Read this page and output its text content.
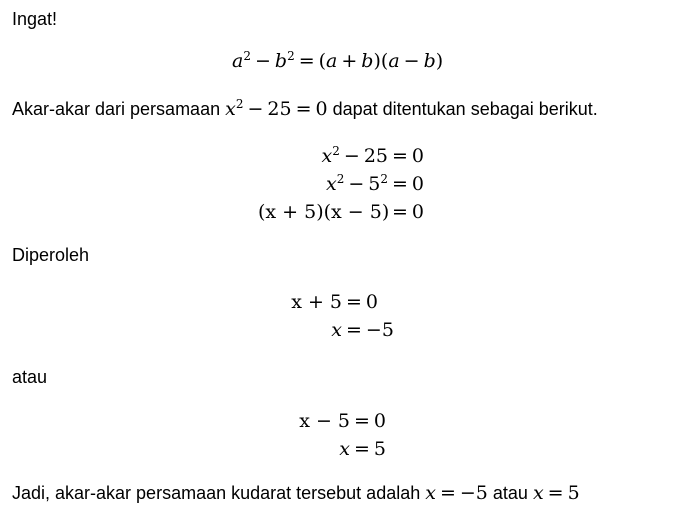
Ingat!
$a^2 - b^2 = (a + b)(a - b)$
Akar-akar dari persamaan $x^2 - 25 = 0$ dapat ditentukan sebagai berikut.
$x^2 - 25 = 0$
$x^2 - 5^2 = 0$
(x + 5)(x − 5) = 0
Diperoleh
x + 5 = 0
x = −5
atau
x − 5 = 0
x = 5
Jadi, akar-akar persamaan kudarat tersebut adalah x = −5 atau x = 5
